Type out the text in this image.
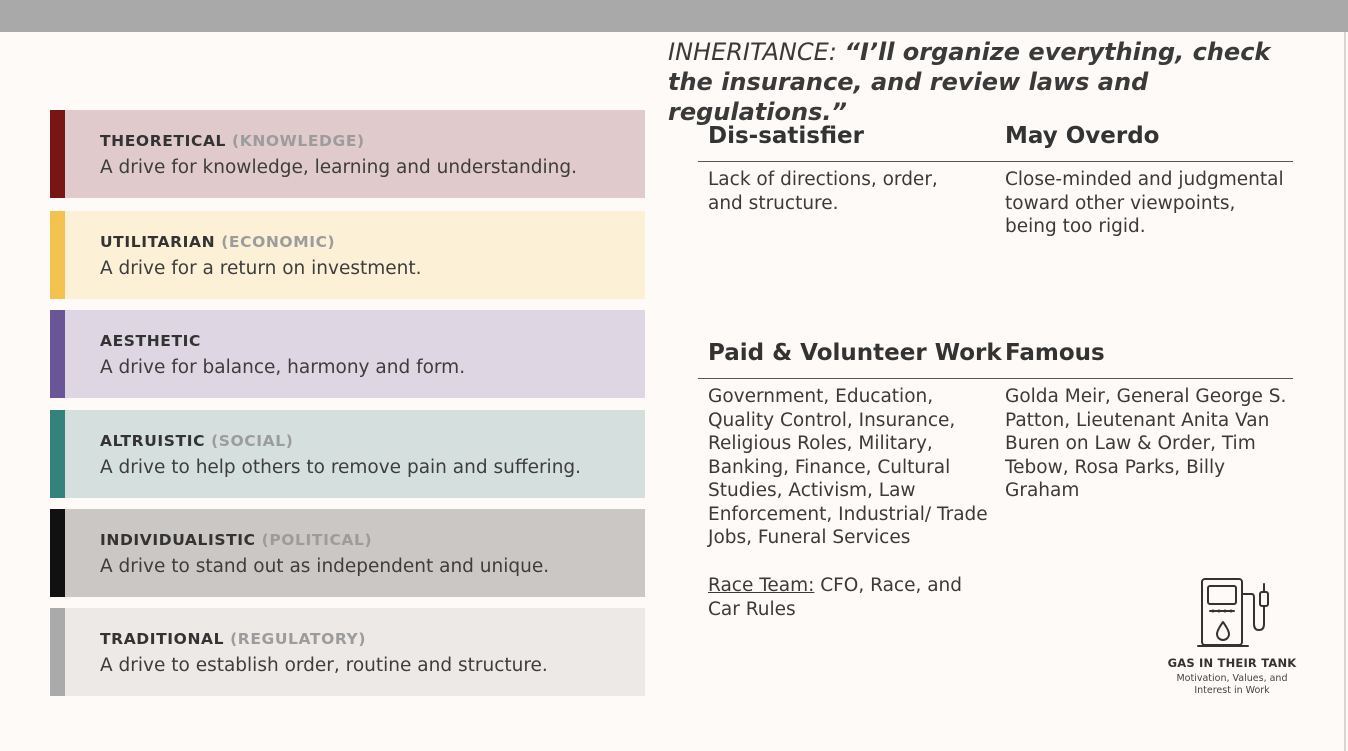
THEORETICAL (KNOWLEDGE)
A drive for knowledge, learning and understanding.
UTILITARIAN (ECONOMIC)
A drive for a return on investment.
AESTHETIC
A drive for balance, harmony and form.
ALTRUISTIC (SOCIAL)
A drive to help others to remove pain and suffering.
INDIVIDUALISTIC (POLITICAL)
A drive to stand out as independent and unique.
TRADITIONAL (REGULATORY)
A drive to establish order, routine and structure.
INHERITANCE: “I’ll organize everything, check the insurance, and review laws and regulations.”
Dis-satisfier	May Overdo
Lack of directions, order, and structure.
Close-minded and judgmental toward other viewpoints, being too rigid.
Paid & Volunteer Work Famous
Government, Education, Quality Control, Insurance, Religious Roles, Military, Banking, Finance, Cultural Studies, Activism, Law Enforcement, Industrial/ Trade Jobs, Funeral Services
Golda Meir, General George S. Patton, Lieutenant Anita Van Buren on Law & Order, Tim Tebow, Rosa Parks, Billy Graham
Race Team: CFO, Race, and Car Rules
GAS IN THEIR TANK
Motivation, Values, and
Interest in Work
